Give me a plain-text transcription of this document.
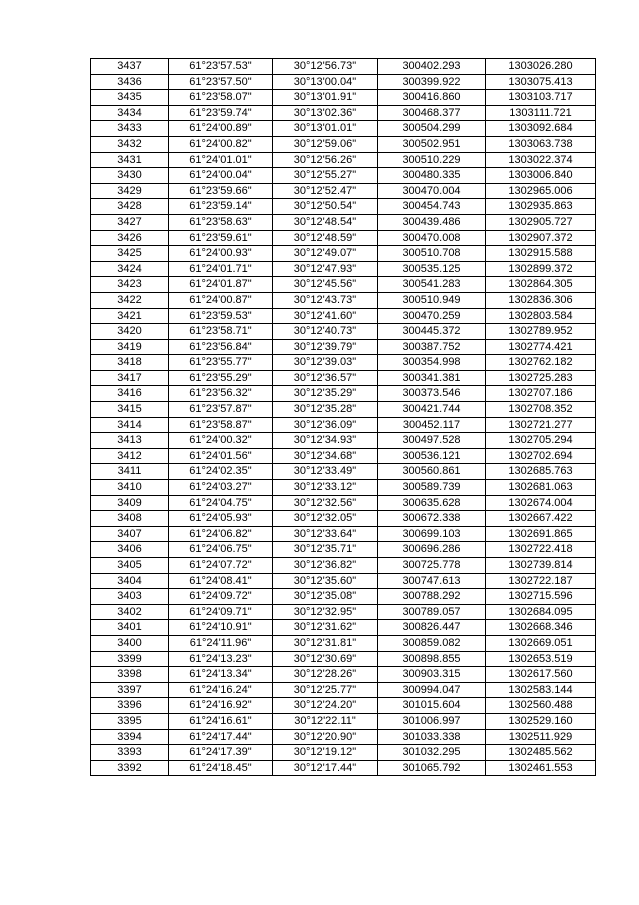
3437	61°23'57.53"	30°12'56.73"	300402.293	1303026.280
3436	61°23'57.50"	30°13'00.04"	300399.922	1303075.413
3435	61°23'58.07"	30°13'01.91"	300416.860	1303103.717
3434	61°23'59.74"	30°13'02.36"	300468.377	1303111.721
3433	61°24'00.89"	30°13'01.01"	300504.299	1303092.684
3432	61°24'00.82"	30°12'59.06"	300502.951	1303063.738
3431	61°24'01.01"	30°12'56.26"	300510.229	1303022.374
3430	61°24'00.04"	30°12'55.27"	300480.335	1303006.840
3429	61°23'59.66"	30°12'52.47"	300470.004	1302965.006
3428	61°23'59.14"	30°12'50.54"	300454.743	1302935.863
3427	61°23'58.63"	30°12'48.54"	300439.486	1302905.727
3426	61°23'59.61"	30°12'48.59"	300470.008	1302907.372
3425	61°24'00.93"	30°12'49.07"	300510.708	1302915.588
3424	61°24'01.71"	30°12'47.93"	300535.125	1302899.372
3423	61°24'01.87"	30°12'45.56"	300541.283	1302864.305
3422	61°24'00.87"	30°12'43.73"	300510.949	1302836.306
3421	61°23'59.53"	30°12'41.60"	300470.259	1302803.584
3420	61°23'58.71"	30°12'40.73"	300445.372	1302789.952
3419	61°23'56.84"	30°12'39.79"	300387.752	1302774.421
3418	61°23'55.77"	30°12'39.03"	300354.998	1302762.182
3417	61°23'55.29"	30°12'36.57"	300341.381	1302725.283
3416	61°23'56.32"	30°12'35.29"	300373.546	1302707.186
3415	61°23'57.87"	30°12'35.28"	300421.744	1302708.352
3414	61°23'58.87"	30°12'36.09"	300452.117	1302721.277
3413	61°24'00.32"	30°12'34.93"	300497.528	1302705.294
3412	61°24'01.56"	30°12'34.68"	300536.121	1302702.694
3411	61°24'02.35"	30°12'33.49"	300560.861	1302685.763
3410	61°24'03.27"	30°12'33.12"	300589.739	1302681.063
3409	61°24'04.75"	30°12'32.56"	300635.628	1302674.004
3408	61°24'05.93"	30°12'32.05"	300672.338	1302667.422
3407	61°24'06.82"	30°12'33.64"	300699.103	1302691.865
3406	61°24'06.75"	30°12'35.71"	300696.286	1302722.418
3405	61°24'07.72"	30°12'36.82"	300725.778	1302739.814
3404	61°24'08.41"	30°12'35.60"	300747.613	1302722.187
3403	61°24'09.72"	30°12'35.08"	300788.292	1302715.596
3402	61°24'09.71"	30°12'32.95"	300789.057	1302684.095
3401	61°24'10.91"	30°12'31.62"	300826.447	1302668.346
3400	61°24'11.96"	30°12'31.81"	300859.082	1302669.051
3399	61°24'13.23"	30°12'30.69"	300898.855	1302653.519
3398	61°24'13.34"	30°12'28.26"	300903.315	1302617.560
3397	61°24'16.24"	30°12'25.77"	300994.047	1302583.144
3396	61°24'16.92"	30°12'24.20"	301015.604	1302560.488
3395	61°24'16.61"	30°12'22.11"	301006.997	1302529.160
3394	61°24'17.44"	30°12'20.90"	301033.338	1302511.929
3393	61°24'17.39"	30°12'19.12"	301032.295	1302485.562
3392	61°24'18.45"	30°12'17.44"	301065.792	1302461.553
